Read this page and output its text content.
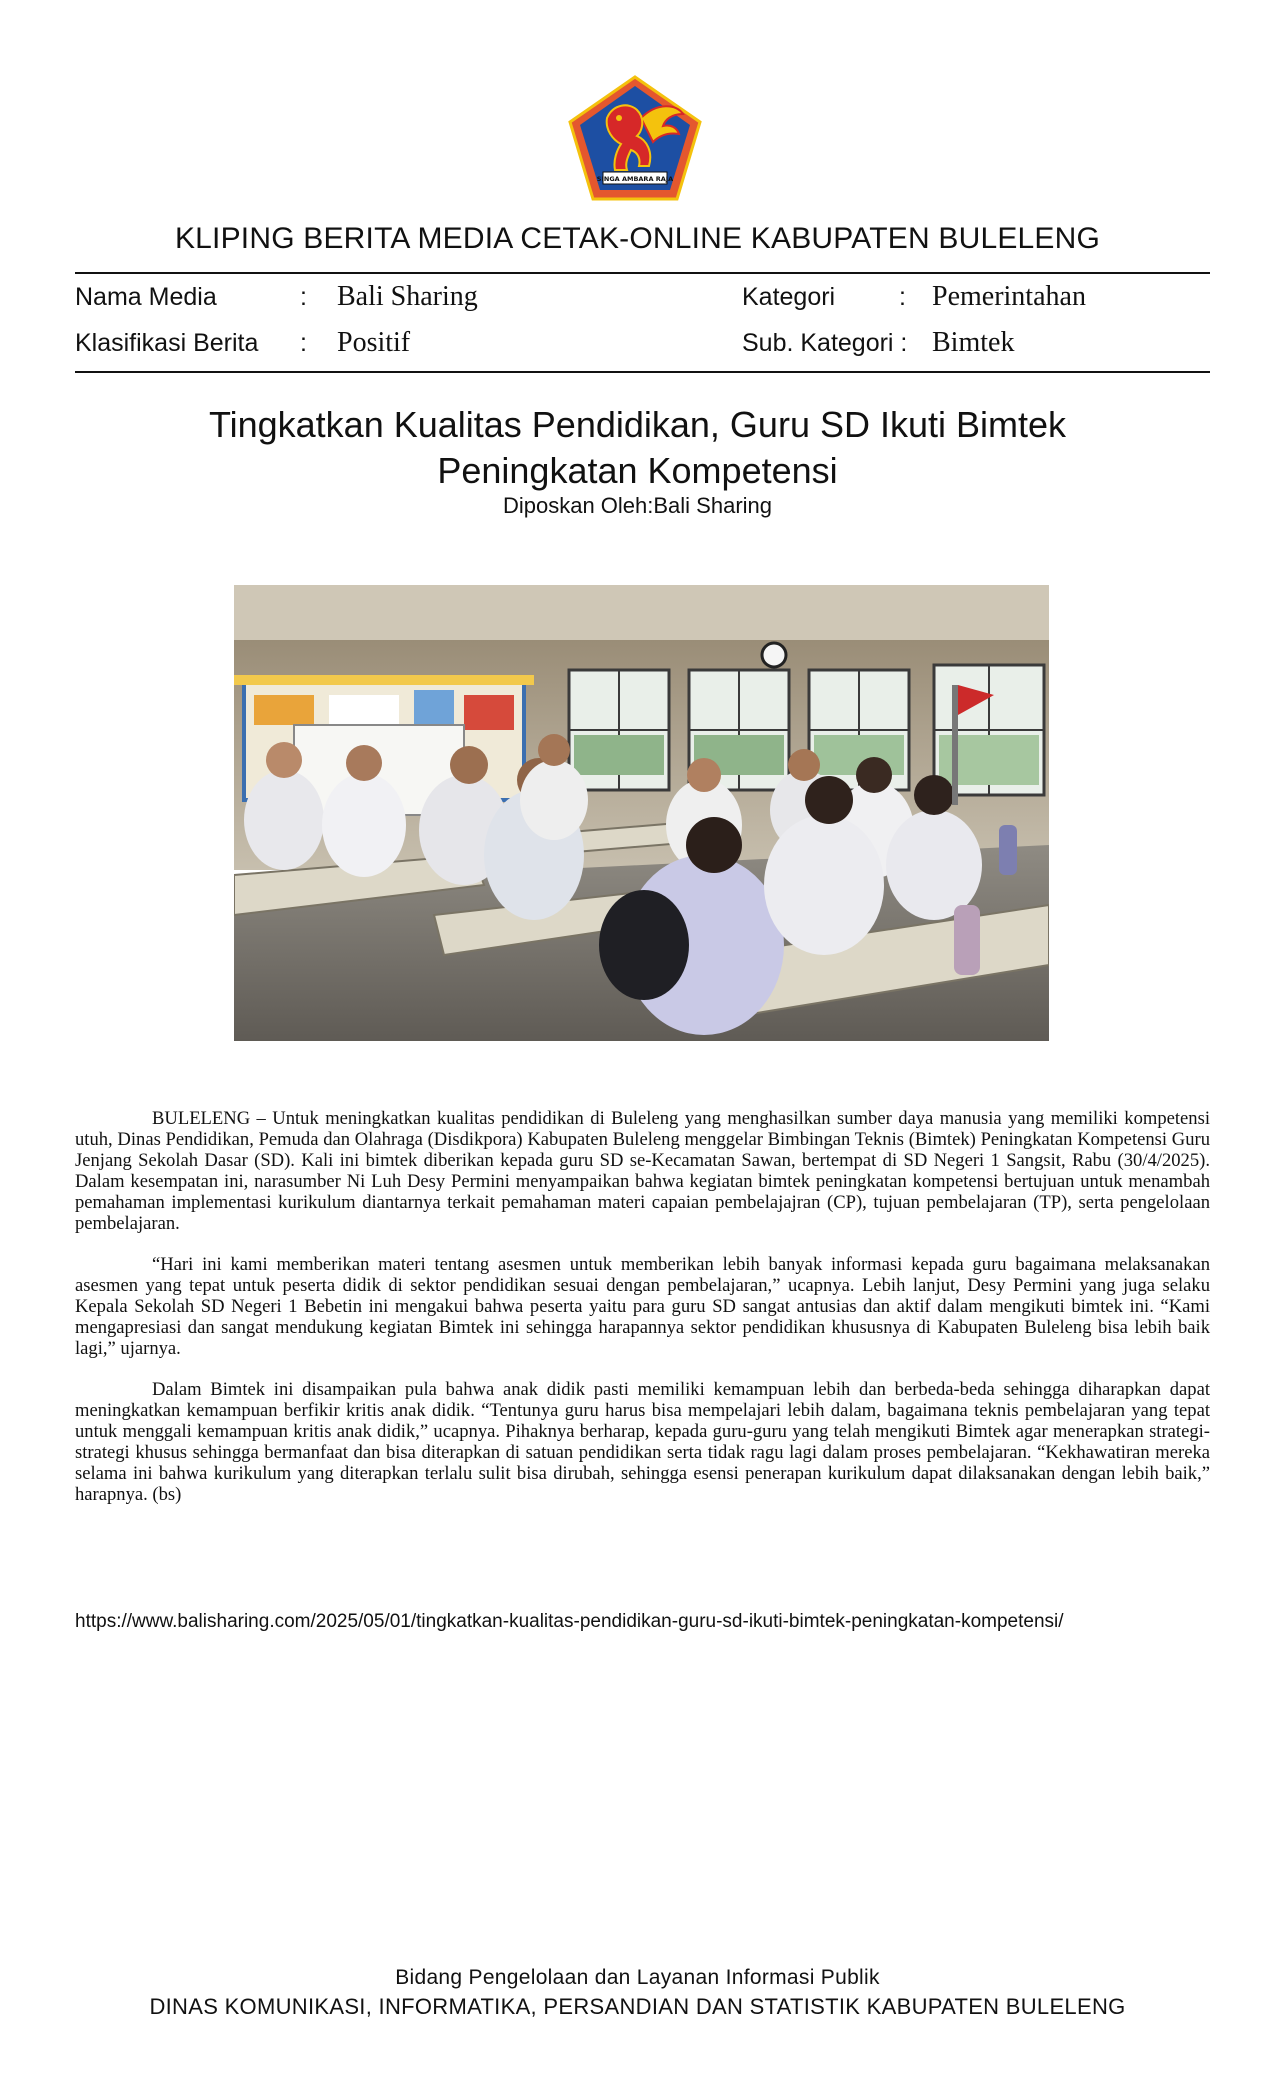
SINGA AMBARA RAJA
KLIPING BERITA MEDIA CETAK-ONLINE KABUPATEN BULELENG
Nama Media	: Bali Sharing	Kategori	: Pemerintahan
Klasifikasi Berita : Positif	Sub. Kategori : Bimtek
Tingkatkan Kualitas Pendidikan, Guru SD Ikuti Bimtek
Peningkatan Kompetensi
Diposkan Oleh:Bali Sharing

BULELENG – Untuk meningkatkan kualitas pendidikan di Buleleng yang menghasilkan sumber daya manusia yang memiliki kompetensi utuh, Dinas Pendidikan, Pemuda dan Olahraga (Disdikpora) Kabupaten Buleleng menggelar Bimbingan Teknis (Bimtek) Peningkatan Kompetensi Guru Jenjang Sekolah Dasar (SD). Kali ini bimtek diberikan kepada guru SD se-Kecamatan Sawan, bertempat di SD Negeri 1 Sangsit, Rabu (30/4/2025). Dalam kesempatan ini, narasumber Ni Luh Desy Permini menyampaikan bahwa kegiatan bimtek peningkatan kompetensi bertujuan untuk menambah pemahaman implementasi kurikulum diantarnya terkait pemahaman materi capaian pembelajajran (CP), tujuan pembelajaran (TP), serta pengelolaan pembelajaran.

“Hari ini kami memberikan materi tentang asesmen untuk memberikan lebih banyak informasi kepada guru bagaimana melaksanakan asesmen yang tepat untuk peserta didik di sektor pendidikan sesuai dengan pembelajaran,” ucapnya. Lebih lanjut, Desy Permini yang juga selaku Kepala Sekolah SD Negeri 1 Bebetin ini mengakui bahwa peserta yaitu para guru SD sangat antusias dan aktif dalam mengikuti bimtek ini. “Kami mengapresiasi dan sangat mendukung kegiatan Bimtek ini sehingga harapannya sektor pendidikan khususnya di Kabupaten Buleleng bisa lebih baik lagi,” ujarnya.

Dalam Bimtek ini disampaikan pula bahwa anak didik pasti memiliki kemampuan lebih dan berbeda-beda sehingga diharapkan dapat meningkatkan kemampuan berfikir kritis anak didik. “Tentunya guru harus bisa mempelajari lebih dalam, bagaimana teknis pembelajaran yang tepat untuk menggali kemampuan kritis anak didik,” ucapnya. Pihaknya berharap, kepada guru-guru yang telah mengikuti Bimtek agar menerapkan strategi-strategi khusus sehingga bermanfaat dan bisa diterapkan di satuan pendidikan serta tidak ragu lagi dalam proses pembelajaran. “Kekhawatiran mereka selama ini bahwa kurikulum yang diterapkan terlalu sulit bisa dirubah, sehingga esensi penerapan kurikulum dapat dilaksanakan dengan lebih baik,” harapnya. (bs)

https://www.balisharing.com/2025/05/01/tingkatkan-kualitas-pendidikan-guru-sd-ikuti-bimtek-peningkatan-kompetensi/
Bidang Pengelolaan dan Layanan Informasi Publik
DINAS KOMUNIKASI, INFORMATIKA, PERSANDIAN DAN STATISTIK KABUPATEN BULELENG
